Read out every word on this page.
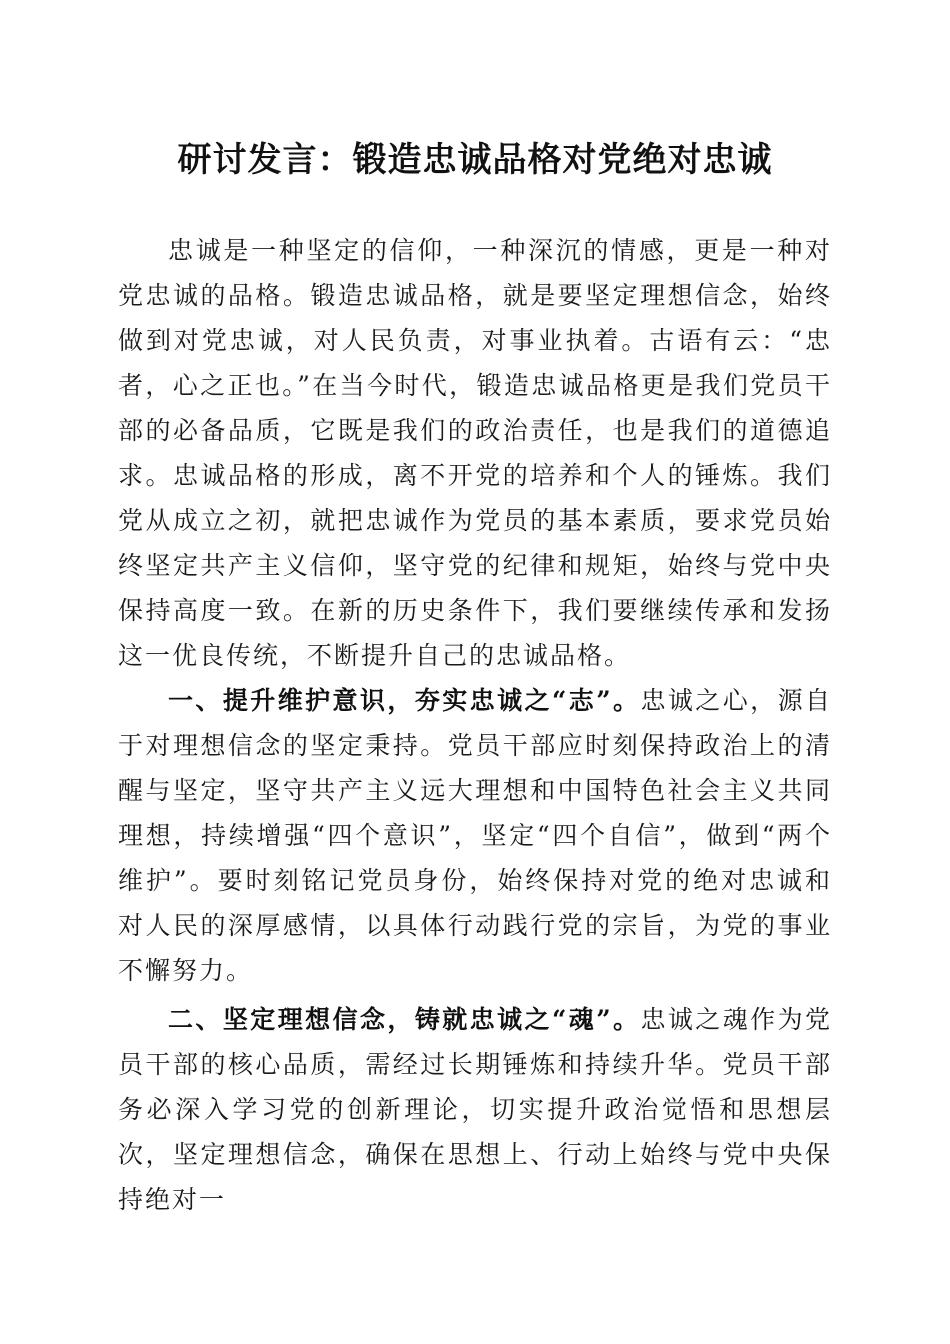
研讨发言：锻造忠诚品格对党绝对忠诚

忠诚是一种坚定的信仰，一种深沉的情感，更是一种对党忠诚的品格。锻造忠诚品格，就是要坚定理想信念，始终做到对党忠诚，对人民负责，对事业执着。古语有云：“忠者，心之正也。”在当今时代，锻造忠诚品格更是我们党员干部的必备品质，它既是我们的政治责任，也是我们的道德追求。忠诚品格的形成，离不开党的培养和个人的锤炼。我们党从成立之初，就把忠诚作为党员的基本素质，要求党员始终坚定共产主义信仰，坚守党的纪律和规矩，始终与党中央保持高度一致。在新的历史条件下，我们要继续传承和发扬这一优良传统，不断提升自己的忠诚品格。

一、提升维护意识，夯实忠诚之“志”。忠诚之心，源自于对理想信念的坚定秉持。党员干部应时刻保持政治上的清醒与坚定，坚守共产主义远大理想和中国特色社会主义共同理想，持续增强“四个意识”，坚定“四个自信”，做到“两个维护”。要时刻铭记党员身份，始终保持对党的绝对忠诚和对人民的深厚感情，以具体行动践行党的宗旨，为党的事业不懈努力。

二、坚定理想信念，铸就忠诚之“魂”。忠诚之魂作为党员干部的核心品质，需经过长期锤炼和持续升华。党员干部务必深入学习党的创新理论，切实提升政治觉悟和思想层次，坚定理想信念，确保在思想上、行动上始终与党中央保持绝对一
